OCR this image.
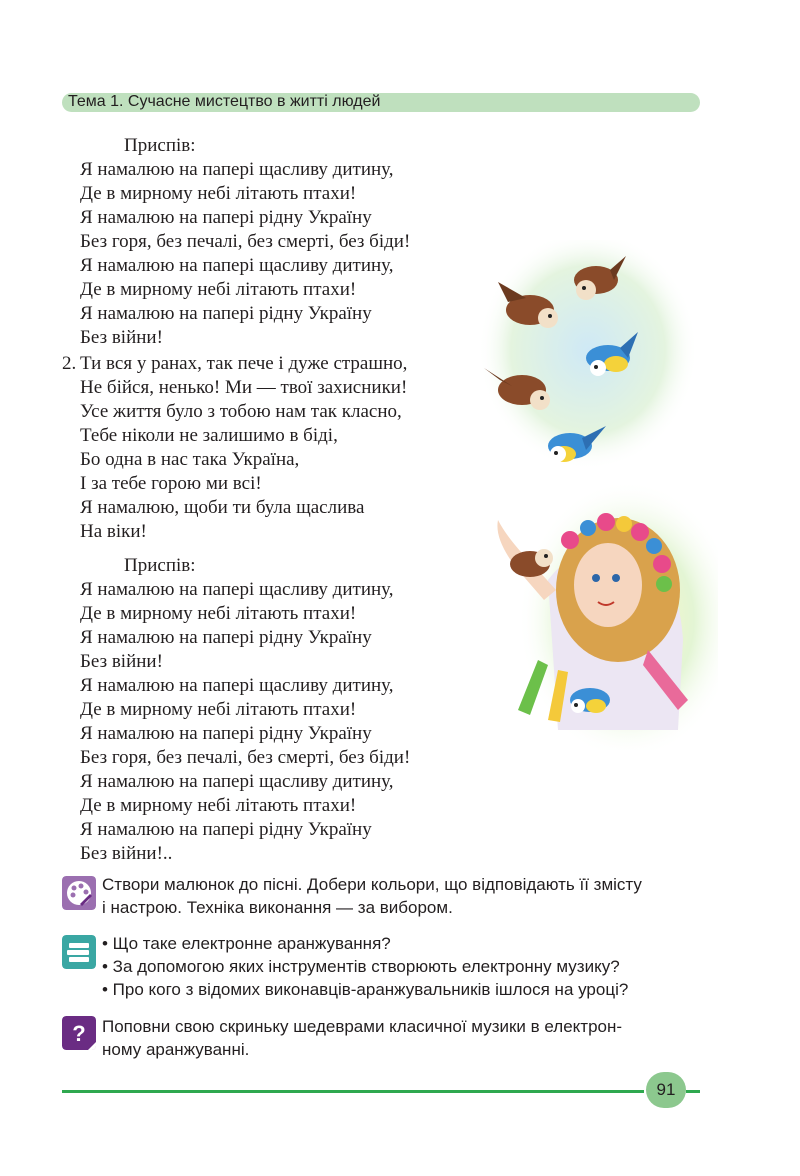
Тема 1. Сучасне мистецтво в житті людей
Приспів:
Я намалюю на папері щасливу дитину,
Де в мирному небі літають птахи!
Я намалюю на папері рідну Україну
Без горя, без печалі, без смерті, без біди!
Я намалюю на папері щасливу дитину,
Де в мирному небі літають птахи!
Я намалюю на папері рідну Україну
Без війни!
2. Ти вся у ранах, так пече і дуже страшно,
Не бійся, ненько! Ми — твої захисники!
Усе життя було з тобою нам так класно,
Тебе ніколи не залишимо в біді,
Бо одна в нас така Україна,
І за тебе горою ми всі!
Я намалюю, щоби ти була щаслива
На віки!
Приспів:
Я намалюю на папері щасливу дитину,
Де в мирному небі літають птахи!
Я намалюю на папері рідну Україну
Без війни!
Я намалюю на папері щасливу дитину,
Де в мирному небі літають птахи!
Я намалюю на папері рідну Україну
Без горя, без печалі, без смерті, без біди!
Я намалюю на папері щасливу дитину,
Де в мирному небі літають птахи!
Я намалюю на папері рідну Україну
Без війни!..
Створи малюнок до пісні. Добери кольори, що відповідають її змісту
і настрою. Техніка виконання — за вибором.
• Що таке електронне аранжування?
• За допомогою яких інструментів створюють електронну музику?
• Про кого з відомих виконавців-аранжувальників ішлося на уроці?
? Поповни свою скриньку шедеврами класичної музики в електрон-
ному аранжуванні.
91
